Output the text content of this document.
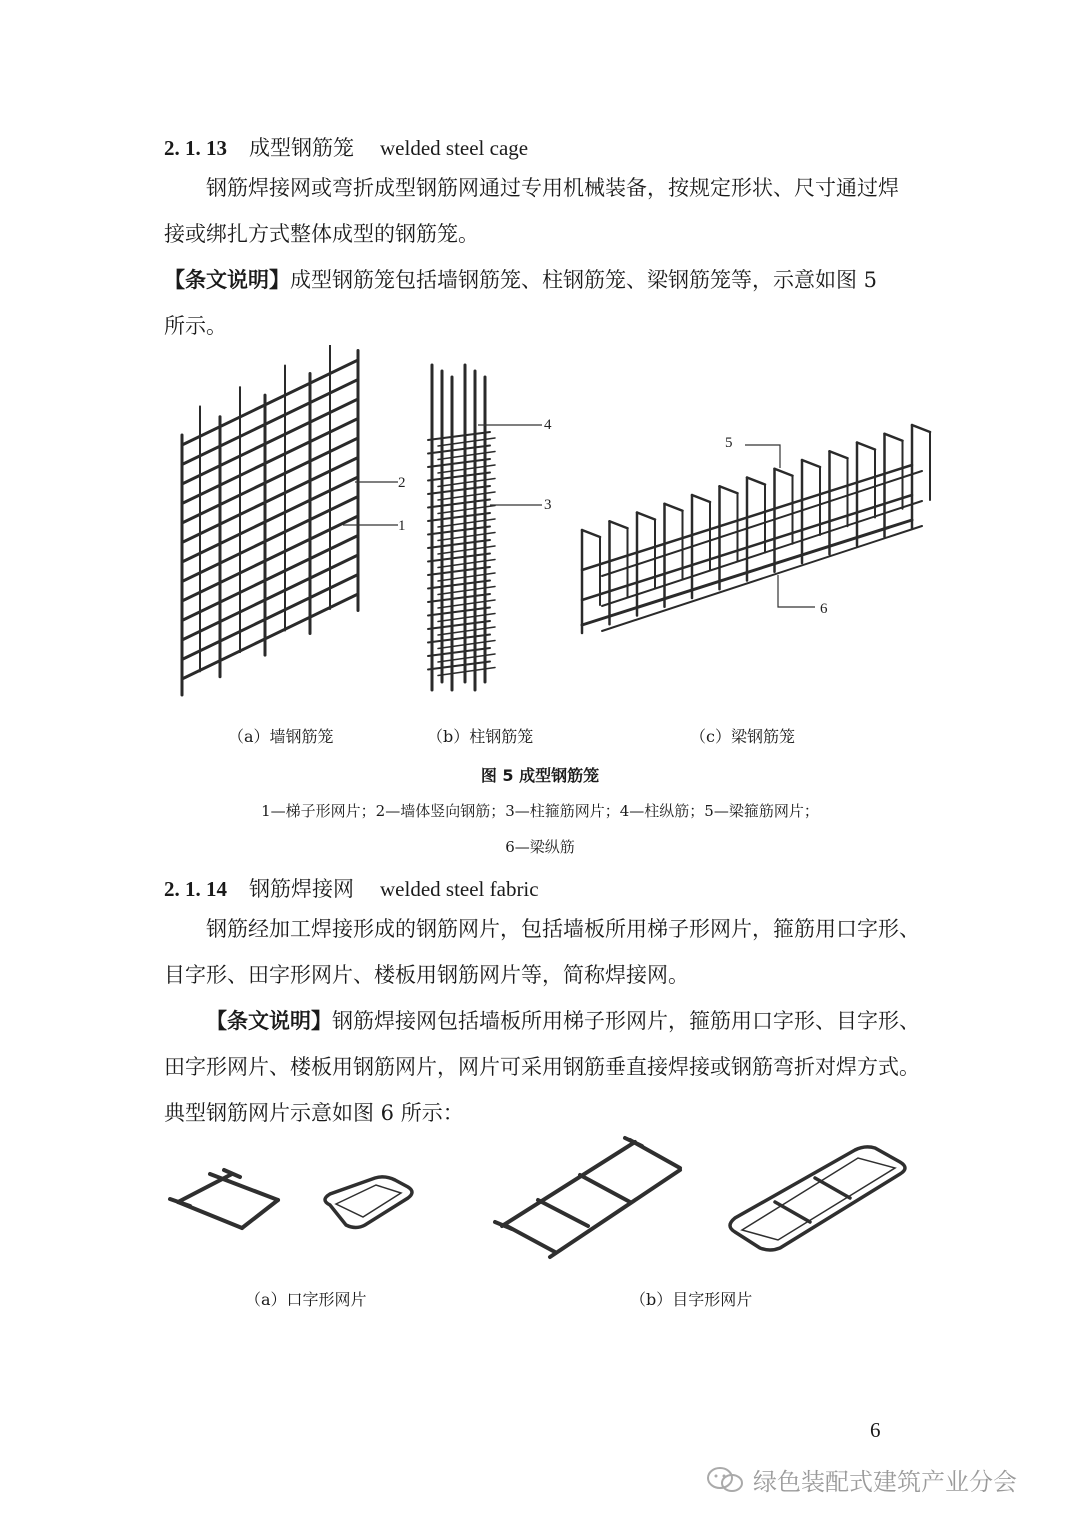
2. 1. 13 成型钢筋笼 welded steel cage

钢筋焊接网或弯折成型钢筋网通过专用机械装备，按规定形状、尺寸通过焊

接或绑扎方式整体成型的钢筋笼。

【条文说明】成型钢筋笼包括墙钢筋笼、柱钢筋笼、梁钢筋笼等，示意如图 5

所示。

2
1
4
3
5
6
（a）墙钢筋笼	（b）柱钢筋笼	（c）梁钢筋笼
图 5 成型钢筋笼
1—梯子形网片；2—墙体竖向钢筋；3—柱箍筋网片；4—柱纵筋；5—梁箍筋网片；
6—梁纵筋
2. 1. 14 钢筋焊接网 welded steel fabric

钢筋经加工焊接形成的钢筋网片，包括墙板所用梯子形网片，箍筋用口字形、

目字形、田字形网片、楼板用钢筋网片等，简称焊接网。

【条文说明】钢筋焊接网包括墙板所用梯子形网片，箍筋用口字形、目字形、

田字形网片、楼板用钢筋网片，网片可采用钢筋垂直接焊接或钢筋弯折对焊方式。

典型钢筋网片示意如图 6 所示：

（a）口字形网片	（b）目字形网片
6
绿色装配式建筑产业分会
